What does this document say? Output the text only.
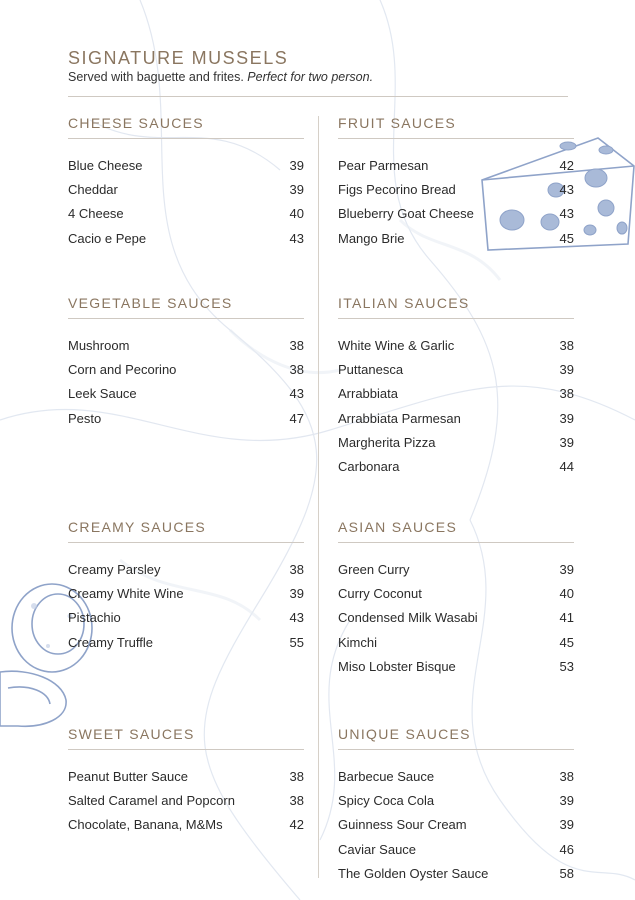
SIGNATURE MUSSELS
Served with baguette and frites. Perfect for two person.
CHEESE SAUCES
Blue Cheese	39
Cheddar	39
4 Cheese	40
Cacio e Pepe	43
FRUIT SAUCES
Pear Parmesan	42
Figs Pecorino Bread	43
Blueberry Goat Cheese	43
Mango Brie	45
VEGETABLE SAUCES
Mushroom	38
Corn and Pecorino	38
Leek Sauce	43
Pesto	47
ITALIAN SAUCES
White Wine & Garlic	38
Puttanesca	39
Arrabbiata	38
Arrabbiata Parmesan	39
Margherita Pizza	39
Carbonara	44
CREAMY SAUCES
Creamy Parsley	38
Creamy White Wine	39
Pistachio	43
Creamy Truffle	55
ASIAN SAUCES
Green Curry	39
Curry Coconut	40
Condensed Milk Wasabi	41
Kimchi	45
Miso Lobster Bisque	53
SWEET SAUCES
Peanut Butter Sauce	38
Salted Caramel and Popcorn	38
Chocolate, Banana, M&Ms	42
UNIQUE SAUCES
Barbecue Sauce	38
Spicy Coca Cola	39
Guinness Sour Cream	39
Caviar Sauce	46
The Golden Oyster Sauce	58
